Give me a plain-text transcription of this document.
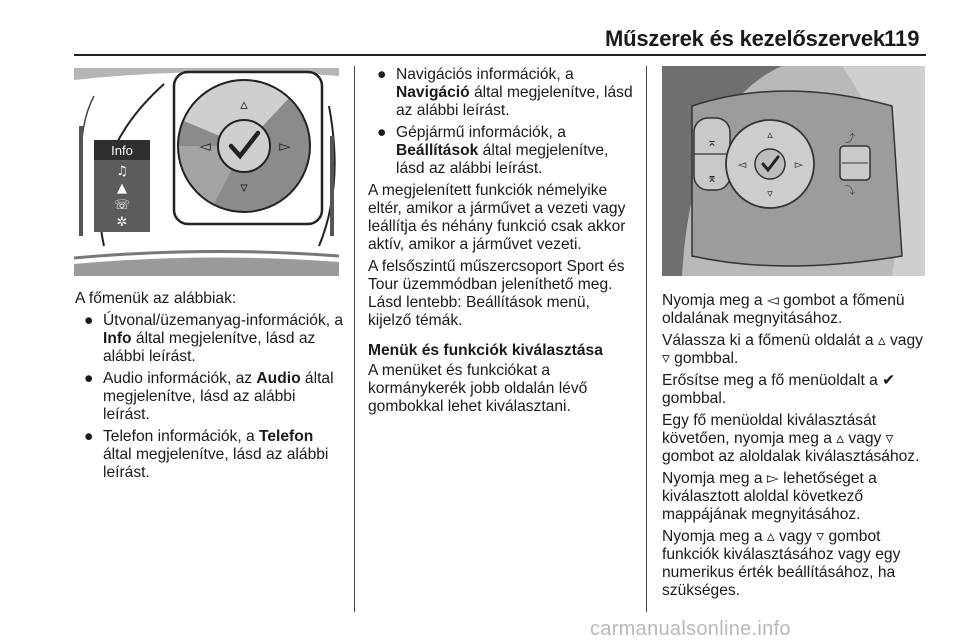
Műszerek és kezelőszervek 119
Info
♫
▲
☏
✲
▵
▿
◅	▻

A főmenük az alábbiak:

● Útvonal/üzemanyag-információk, a Info által megjelenítve, lásd az alábbi leírást.
● Audio információk, az Audio által megjelenítve, lásd az alábbi leírást.
● Telefon információk, a Telefon által megjelenítve, lásd az alábbi leírást.
● Navigációs információk, a Navigáció által megjelenítve, lásd az alábbi leírást.
● Gépjármű információk, a Beállítások által megjelenítve, lásd az alábbi leírást.

A megjelenített funkciók némelyike eltér, amikor a járművet a vezeti vagy leállítja és néhány funkció csak akkor aktív, amikor a járművet vezeti.

A felsőszintű műszercsoport Sport és Tour üzemmódban jeleníthető meg. Lásd lentebb: Beállítások menü, kijelző témák.

Menük és funkciók kiválasztása

A menüket és funkciókat a kormánykerék jobb oldalán lévő gombokkal lehet kiválasztani.

⌅
⌆
▵
▿
◅	▻
⤴
⤵

Nyomja meg a ◅ gombot a főmenü oldalának megnyitásához.

Válassza ki a főmenü oldalát a ▵ vagy ▿ gombbal.

Erősítse meg a fő menüoldalt a ✔ gombbal.

Egy fő menüoldal kiválasztását követően, nyomja meg a ▵ vagy ▿ gombot az aloldalak kiválasztásához.

Nyomja meg a ▻ lehetőséget a kiválasztott aloldal következő mappájának megnyitásához.

Nyomja meg a ▵ vagy ▿ gombot funkciók kiválasztásához vagy egy numerikus érték beállításához, ha szükséges.

carmanualsonline.info
